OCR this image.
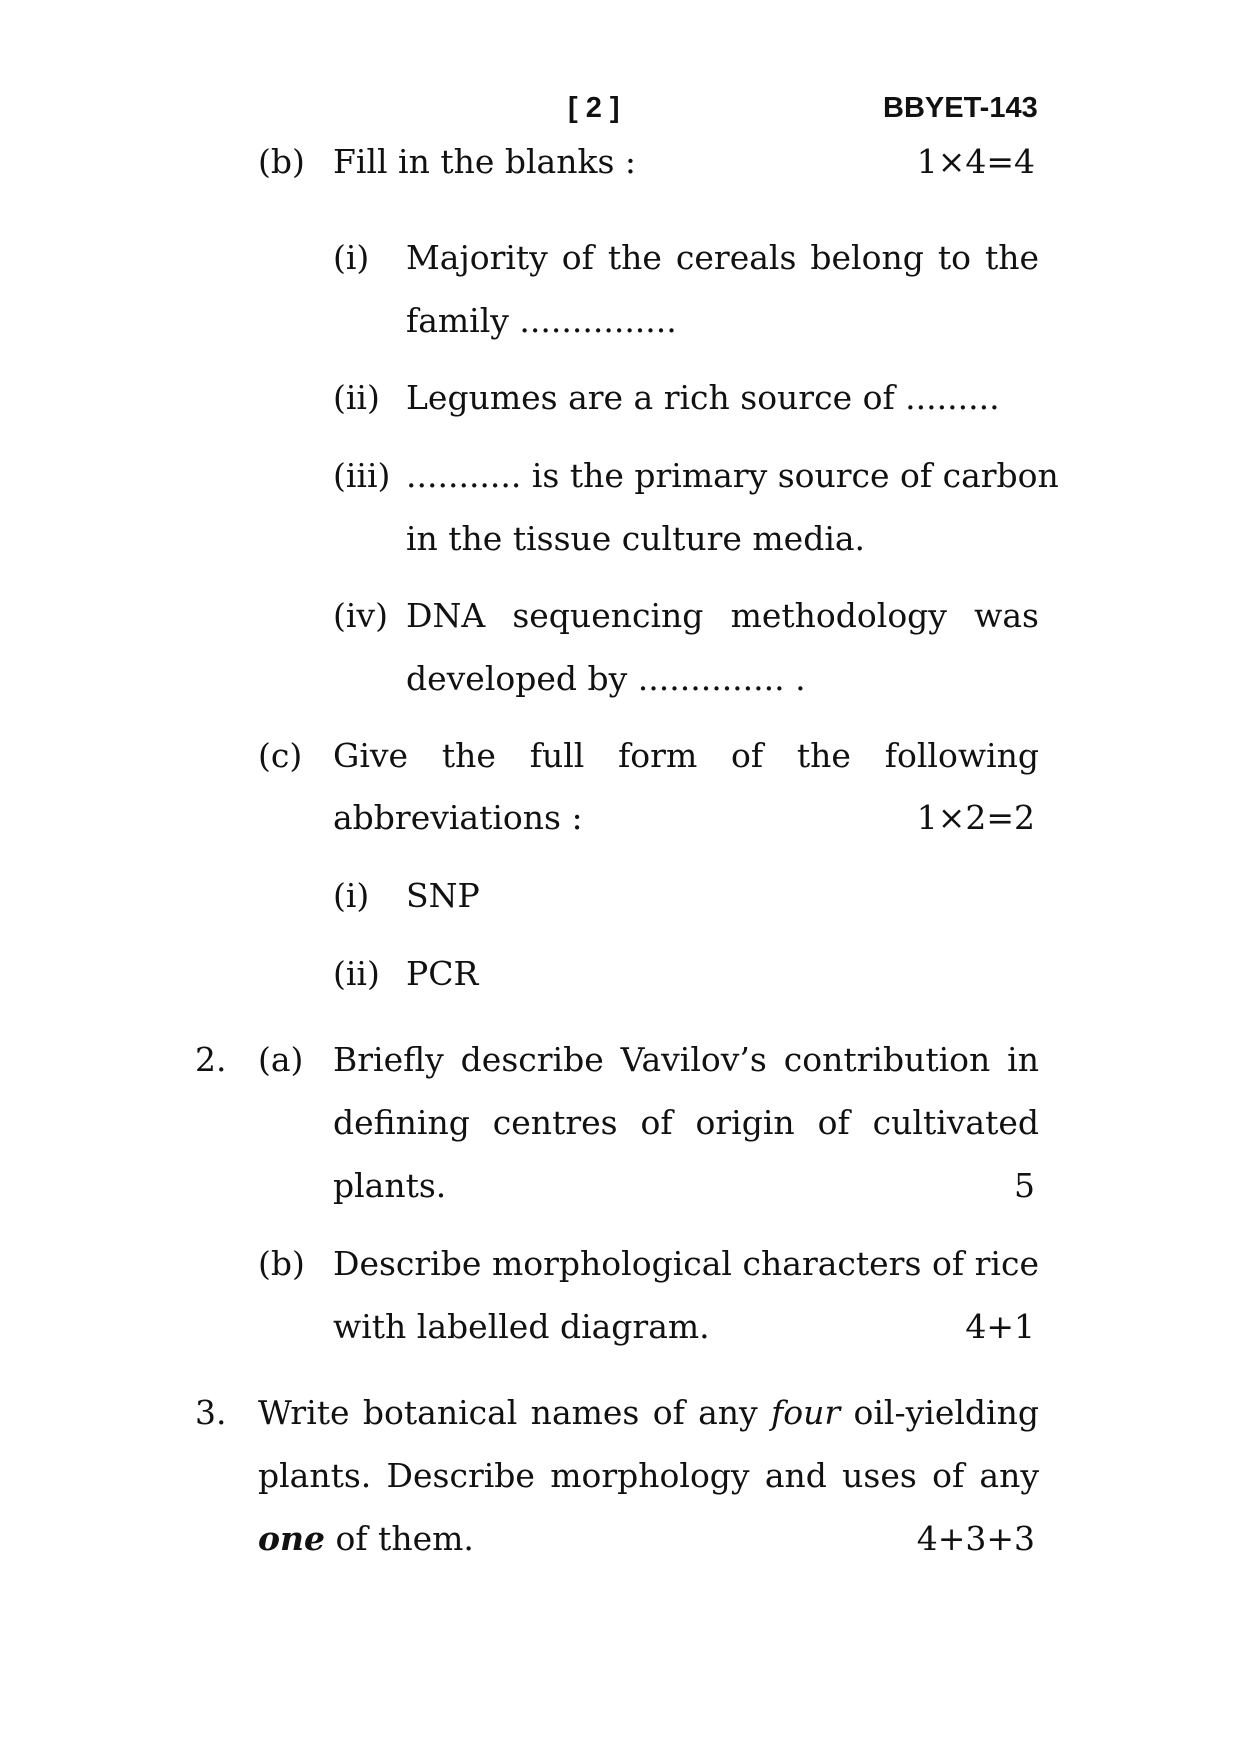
[ 2 ]	BBYET-143
(b) Fill in the blanks :	1×4=4
(i) Majority of the cereals belong to the
family ...............
(ii) Legumes are a rich source of .........
(iii) ........... is the primary source of carbon
in the tissue culture media.
(iv) DNA sequencing methodology was
developed by .............. .
(c) Give the full form of the following
abbreviations :	1×2=2
(i) SNP
(ii) PCR
2. (a) Briefly describe Vavilov’s contribution in
defining centres of origin of cultivated
plants.	5
(b) Describe morphological characters of rice
with labelled diagram.	4+1
3. Write botanical names of any four oil-yielding
plants. Describe morphology and uses of any
one of them.	4+3+3
